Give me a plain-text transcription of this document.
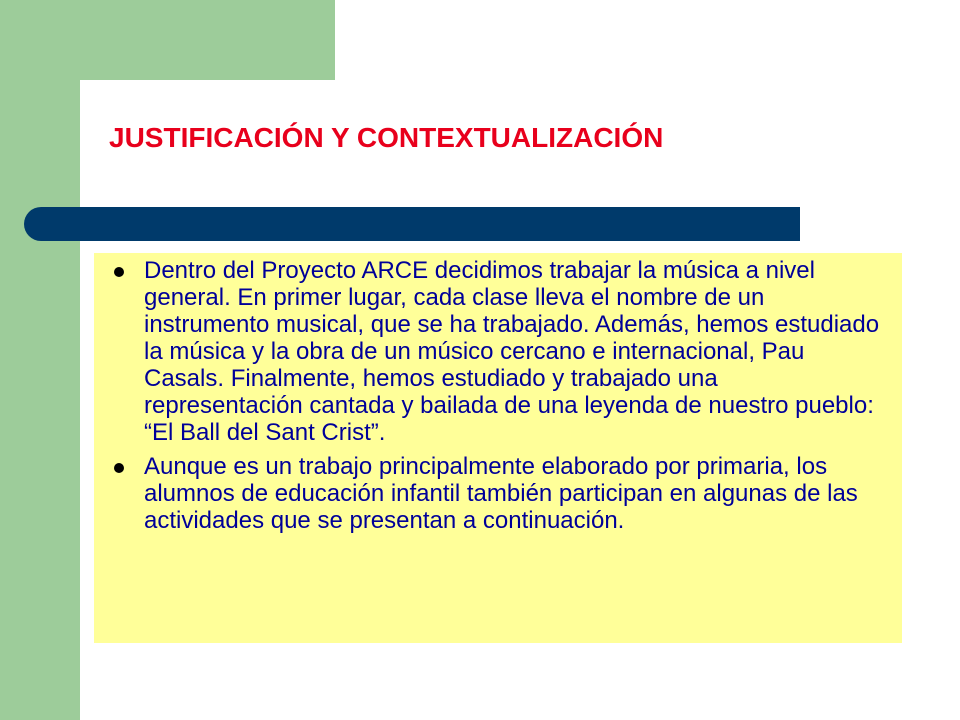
JUSTIFICACIÓN Y CONTEXTUALIZACIÓN
Dentro del Proyecto ARCE decidimos trabajar la música a nivel general. En primer lugar, cada clase lleva el nombre de un instrumento musical, que se ha trabajado. Además, hemos estudiado la música y la obra de un músico cercano e internacional, Pau Casals. Finalmente, hemos estudiado y trabajado una representación cantada y bailada de una leyenda de nuestro pueblo: “El Ball del Sant Crist”.
Aunque es un trabajo principalmente elaborado por primaria, los alumnos de educación infantil también participan en algunas de las actividades que se presentan a continuación.
